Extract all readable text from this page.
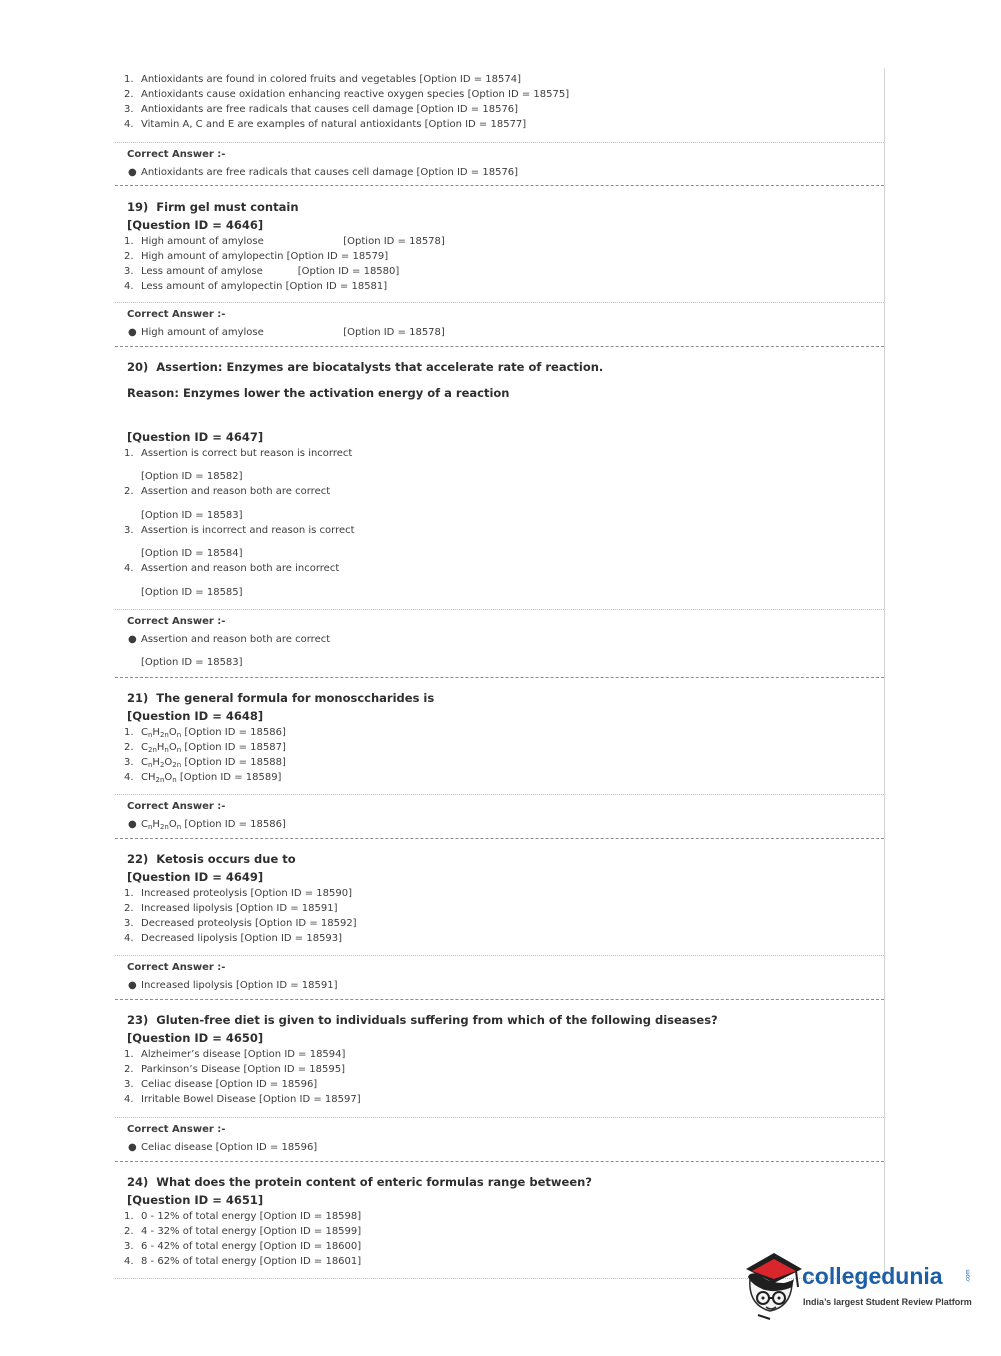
1. Antioxidants are found in colored fruits and vegetables [Option ID = 18574]
2. Antioxidants cause oxidation enhancing reactive oxygen species [Option ID = 18575]
3. Antioxidants are free radicals that causes cell damage [Option ID = 18576]
4. Vitamin A, C and E are examples of natural antioxidants [Option ID = 18577]
Correct Answer :-
● Antioxidants are free radicals that causes cell damage [Option ID = 18576]
19)  Firm gel must contain
[Question ID = 4646]
1. High amount of amylose                         [Option ID = 18578]
2. High amount of amylopectin [Option ID = 18579]
3. Less amount of amylose           [Option ID = 18580]
4. Less amount of amylopectin [Option ID = 18581]
Correct Answer :-
● High amount of amylose                         [Option ID = 18578]
20)  Assertion: Enzymes are biocatalysts that accelerate rate of reaction.
Reason: Enzymes lower the activation energy of a reaction
[Question ID = 4647]
1. Assertion is correct but reason is incorrect
[Option ID = 18582]
2. Assertion and reason both are correct
[Option ID = 18583]
3. Assertion is incorrect and reason is correct
[Option ID = 18584]
4. Assertion and reason both are incorrect
[Option ID = 18585]
Correct Answer :-
● Assertion and reason both are correct
[Option ID = 18583]
21)  The general formula for monosccharides is
[Question ID = 4648]
1. $C_nH_{2n}O_n$ [Option ID = 18586]
2. $C_{2n}H_nO_n$ [Option ID = 18587]
3. $C_nH_2O_{2n}$ [Option ID = 18588]
4. $CH_{2n}O_n$ [Option ID = 18589]
Correct Answer :-
● $C_nH_{2n}O_n$ [Option ID = 18586]
22)  Ketosis occurs due to
[Question ID = 4649]
1. Increased proteolysis [Option ID = 18590]
2. Increased lipolysis [Option ID = 18591]
3. Decreased proteolysis [Option ID = 18592]
4. Decreased lipolysis [Option ID = 18593]
Correct Answer :-
● Increased lipolysis [Option ID = 18591]
23)  Gluten-free diet is given to individuals suffering from which of the following diseases?
[Question ID = 4650]
1. Alzheimer’s disease [Option ID = 18594]
2. Parkinson’s Disease [Option ID = 18595]
3. Celiac disease [Option ID = 18596]
4. Irritable Bowel Disease [Option ID = 18597]
Correct Answer :-
● Celiac disease [Option ID = 18596]
24)  What does the protein content of enteric formulas range between?
[Question ID = 4651]
1. 0 - 12% of total energy [Option ID = 18598]
2. 4 - 32% of total energy [Option ID = 18599]
3. 6 - 42% of total energy [Option ID = 18600]
4. 8 - 62% of total energy [Option ID = 18601]
collegedunia	.com
India’s largest Student Review Platform
